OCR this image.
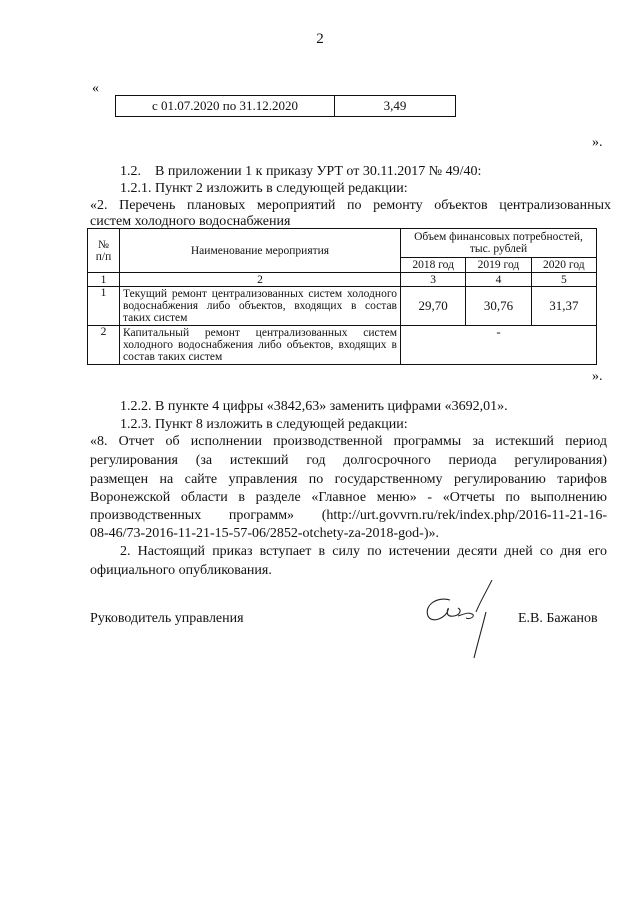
2
«
с 01.07.2020 по 31.12.2020	3,49
».
1.2.    В приложении 1 к приказу УРТ от 30.11.2017 № 49/40:
1.2.1. Пункт 2 изложить в следующей редакции:
«2. Перечень плановых мероприятий по ремонту объектов централизованных
систем холодного водоснабжения
№
п/п	Наименование мероприятия	Объем финансовых потребностей,
тыс. рублей		
		2018 год	2019 год	2020 год
1	2	3	4	5
1	Текущий ремонт централизованных систем холодного водоснабжения либо объектов, входящих в состав таких систем	29,70	30,76	31,37
2	Капитальный ремонт централизованных систем холодного водоснабжения либо объектов, входящих в состав таких систем	-		
».
1.2.2. В пункте 4 цифры «3842,63» заменить цифрами «3692,01».
1.2.3. Пункт 8 изложить в следующей редакции:
«8. Отчет об исполнении производственной программы за истекший период
регулирования (за истекший год долгосрочного периода регулирования)
размещен на сайте управления по государственному регулированию тарифов
Воронежской области в разделе «Главное меню» - «Отчеты по выполнению
производственных программ» (http://urt.govvrn.ru/rek/index.php/2016-11-21-16-
08-46/73-2016-11-21-15-57-06/2852-otchety-za-2018-god-)».
2. Настоящий приказ вступает в силу по истечении десяти дней со дня его
официального опубликования.
Руководитель управления	Е.В. Бажанов
